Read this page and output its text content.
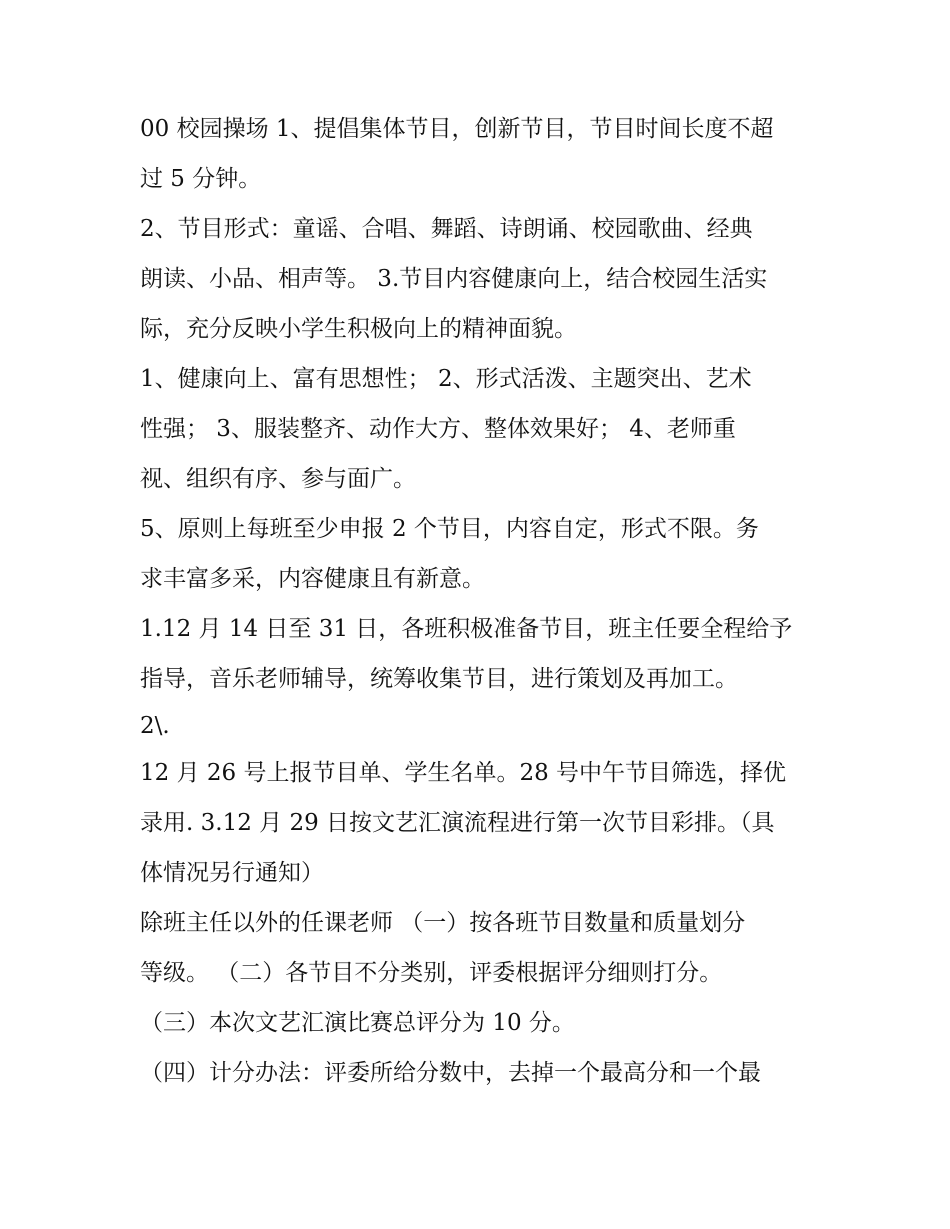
00 校园操场 1、提倡集体节目，创新节目，节目时间长度不超
过 5 分钟。
2、节目形式：童谣、合唱、舞蹈、诗朗诵、校园歌曲、经典
朗读、小品、相声等。 3.节目内容健康向上，结合校园生活实
际，充分反映小学生积极向上的精神面貌。
1、健康向上、富有思想性； 2、形式活泼、主题突出、艺术
性强； 3、服装整齐、动作大方、整体效果好； 4、老师重
视、组织有序、参与面广。
5、原则上每班至少申报 2 个节目，内容自定，形式不限。务
求丰富多采，内容健康且有新意。
1.12 月 14 日至 31 日，各班积极准备节目，班主任要全程给予
指导，音乐老师辅导，统筹收集节目，进行策划及再加工。
2\.
12 月 26 号上报节目单、学生名单。28 号中午节目筛选，择优
录用. 3.12 月 29 日按文艺汇演流程进行第一次节目彩排。（具
体情况另行通知）
除班主任以外的任课老师 （一）按各班节目数量和质量划分
等级。 （二）各节目不分类别，评委根据评分细则打分。
（三）本次文艺汇演比赛总评分为 10 分。
（四）计分办法：评委所给分数中，去掉一个最高分和一个最
